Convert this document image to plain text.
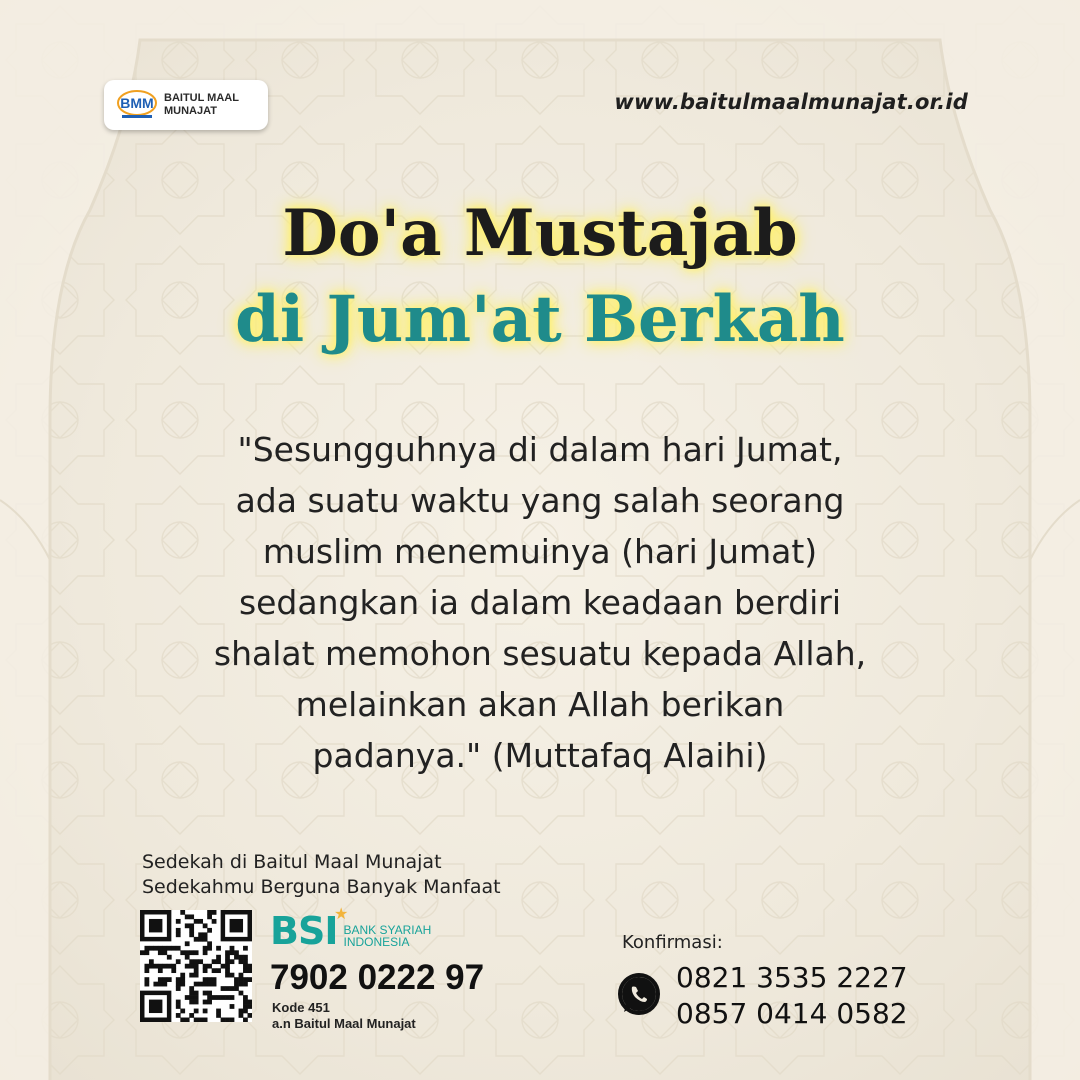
BMM BAITUL MAAL
MUNAJAT	www.baitulmaalmunajat.or.id
Do'a Mustajab
di Jum'at Berkah
"Sesungguhnya di dalam hari Jumat,
ada suatu waktu yang salah seorang
muslim menemuinya (hari Jumat)
sedangkan ia dalam keadaan berdiri
shalat memohon sesuatu kepada Allah,
melainkan akan Allah berikan
padanya." (Muttafaq Alaihi)
Sedekah di Baitul Maal Munajat
Sedekahmu Berguna Banyak Manfaat
BSI
★
BANK SYARIAH
INDONESIA
7902 0222 97
Kode 451
a.n Baitul Maal Munajat
Konfirmasi:
0821 3535 2227
0857 0414 0582
